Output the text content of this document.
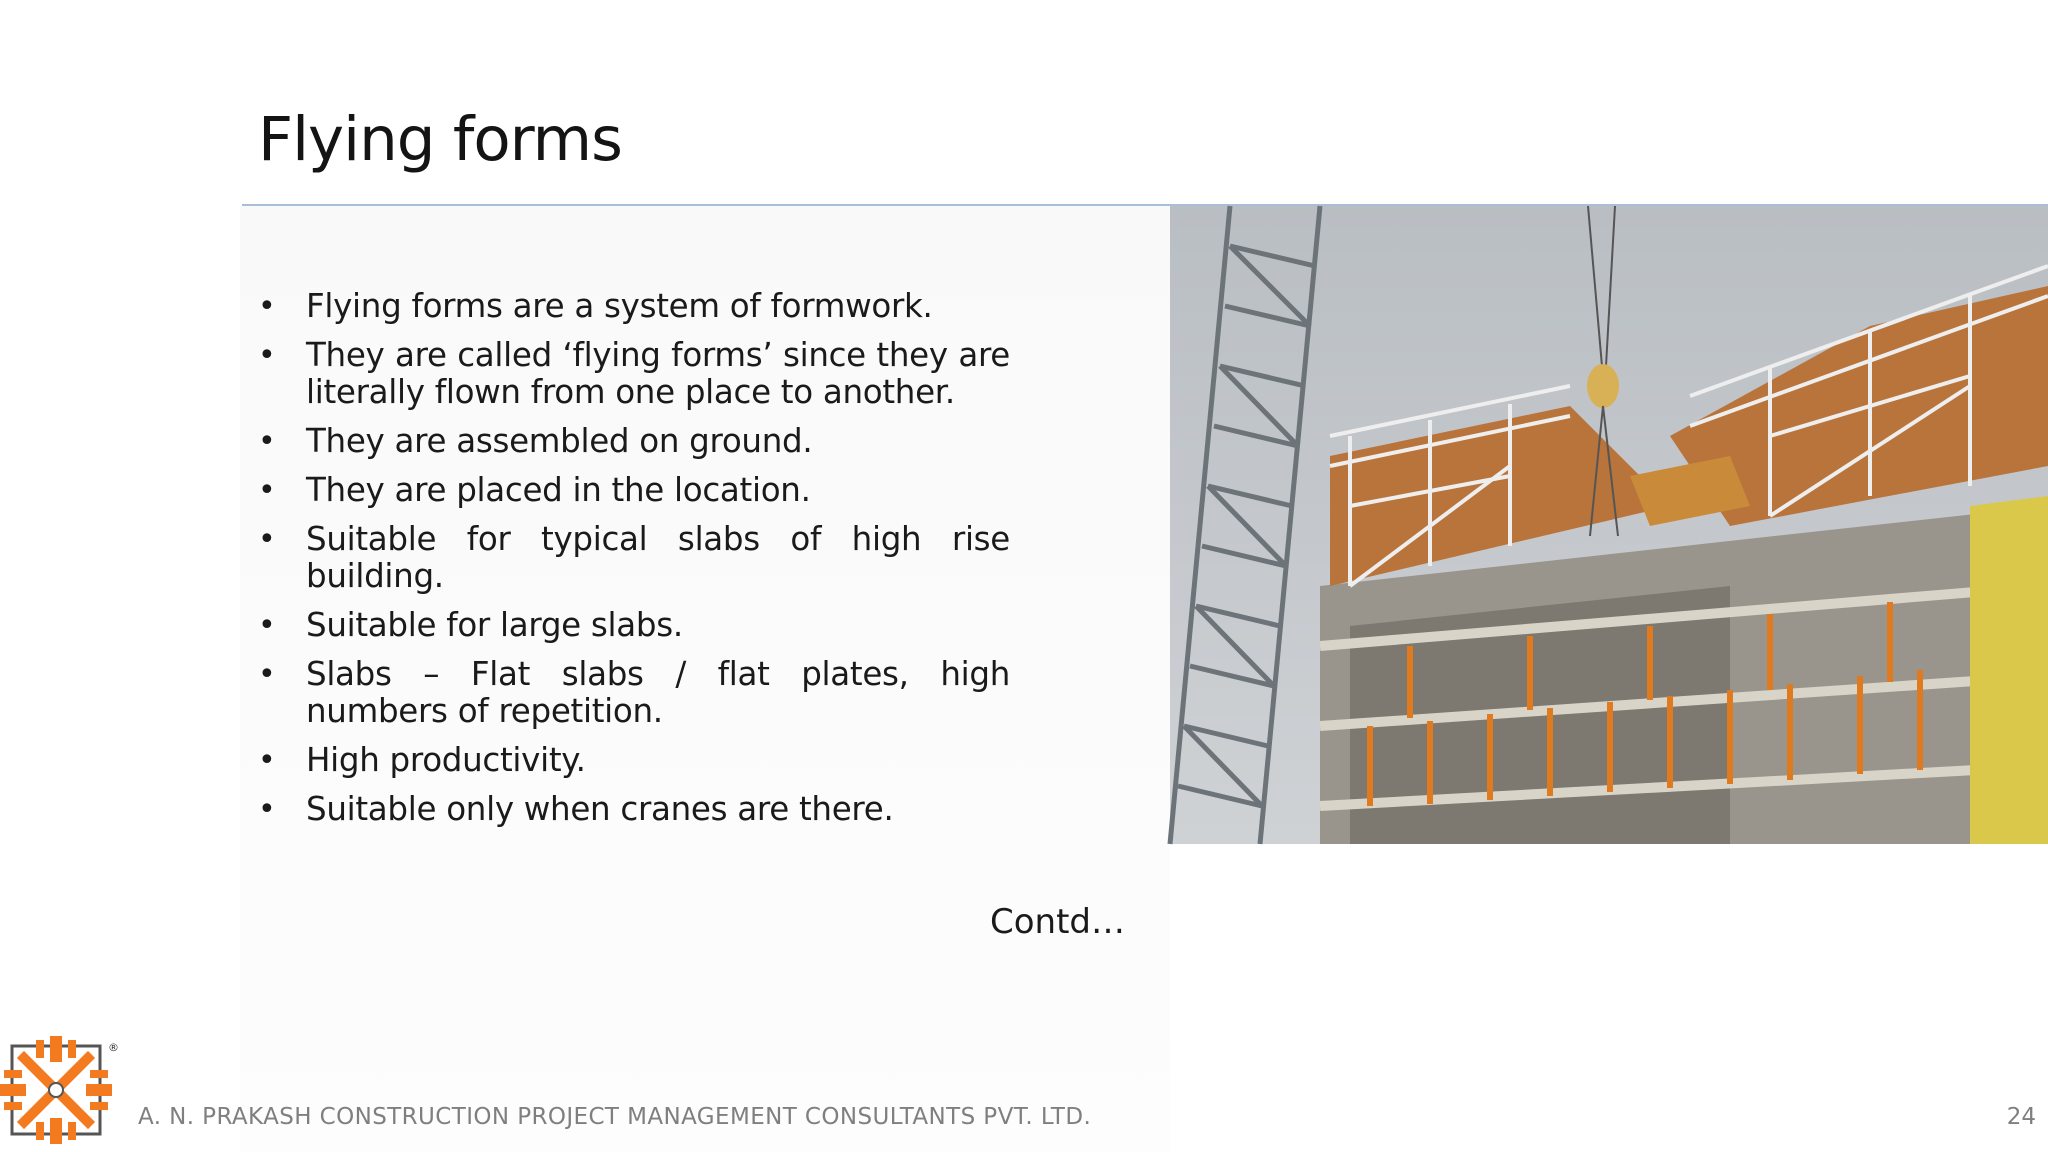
Flying forms
• Flying forms are a system of formwork.
• They are called ‘flying forms’ since they are literally flown from one place to another.
• They are assembled on ground.
• They are placed in the location.
• Suitable for typical slabs of high rise building.
• Suitable for large slabs.
• Slabs – Flat slabs / flat plates, high numbers of repetition.
• High productivity.
• Suitable only when cranes are there.
Contd…
®
A. N. PRAKASH CONSTRUCTION PROJECT MANAGEMENT CONSULTANTS PVT. LTD.	24
